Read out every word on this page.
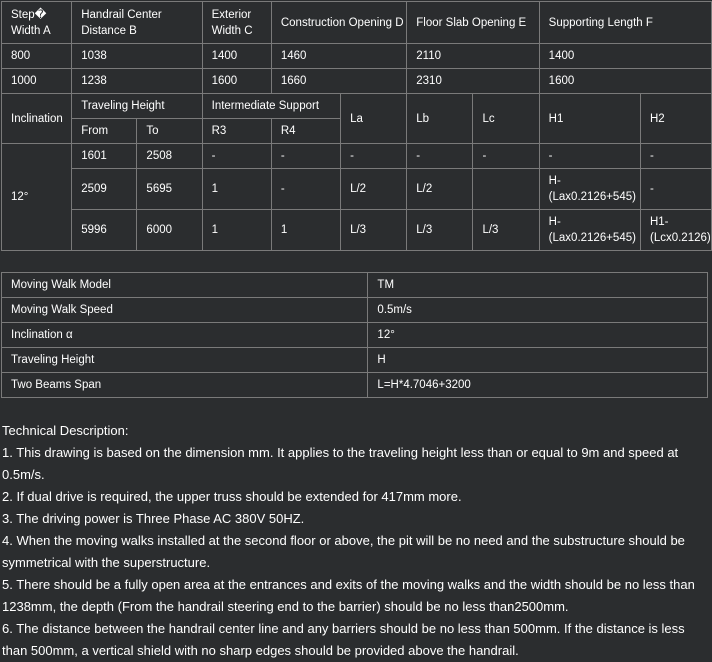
Step� Width A	Handrail Center Distance B		Exterior Width C	Construction Opening D		Floor Slab Opening E		Supporting Length F	
800	1038		1400	1460		2110		1400	
1000	1238		1600	1660		2310		1600	
Inclination	Traveling Height		Intermediate Support		La	Lb	Lc	H1	H2
	From	To	R3	R4					
12°	1601	2508	-	-	-	-	-	-	-
	2509	5695	1	-	L/2	L/2		H-(Lax0.2126+545)	-
	5996	6000	1	1	L/3	L/3	L/3	H-(Lax0.2126+545)	H1-(Lcx0.2126)
Moving Walk Model	TM
Moving Walk Speed	0.5m/s
Inclination α	12°
Traveling Height	H
Two Beams Span	L=H*4.7046+3200
Technical Description:
1. This drawing is based on the dimension mm. It applies to the traveling height less than or equal to 9m and speed at 0.5m/s.
2. If dual drive is required, the upper truss should be extended for 417mm more.
3. The driving power is Three Phase AC 380V 50HZ.
4. When the moving walks installed at the second floor or above, the pit will be no need and the substructure should be symmetrical with the superstructure.
5. There should be a fully open area at the entrances and exits of the moving walks and the width should be no less than 1238mm, the depth (From the handrail steering end to the barrier) should be no less than2500mm.
6. The distance between the handrail center line and any barriers should be no less than 500mm. If the distance is less than 500mm, a vertical shield with no sharp edges should be provided above the handrail.
